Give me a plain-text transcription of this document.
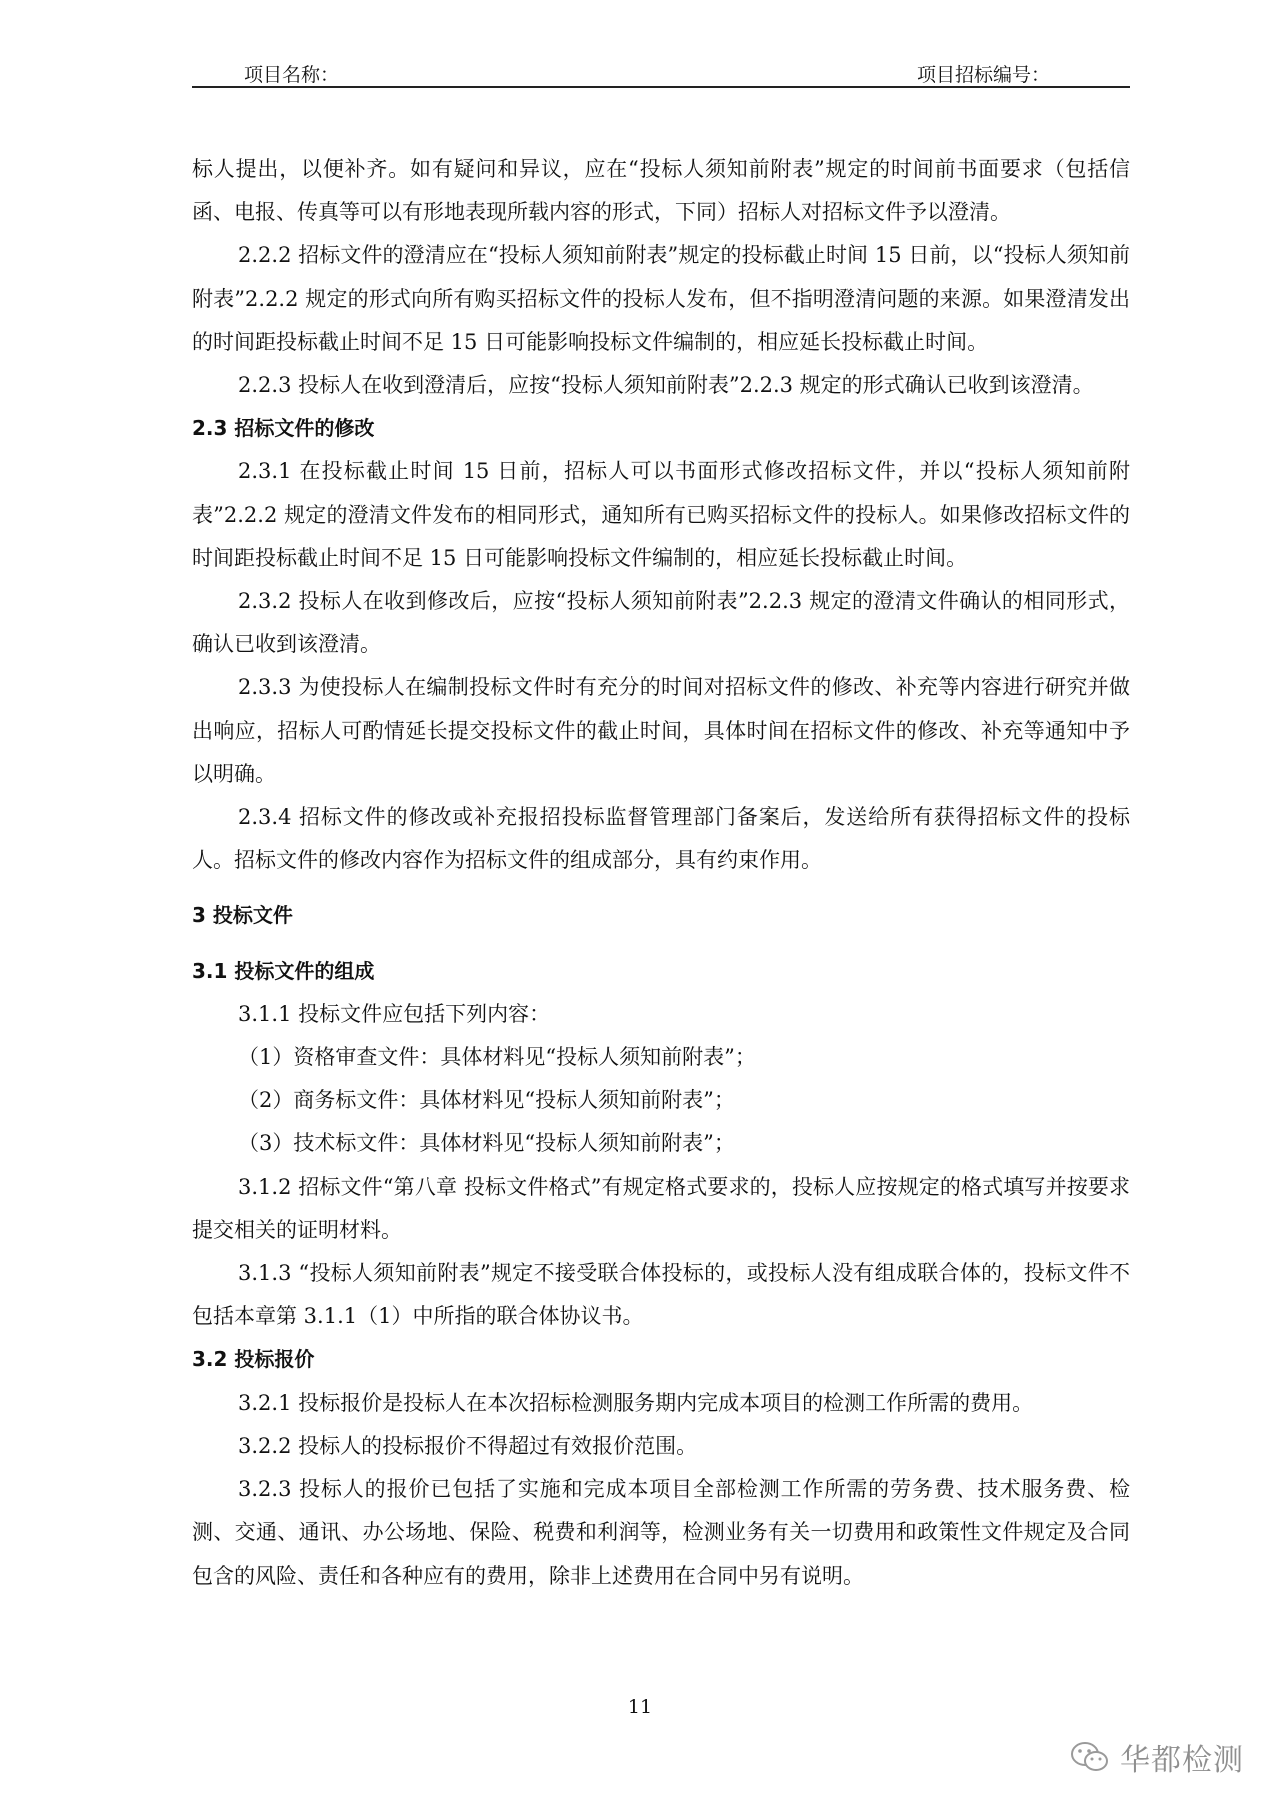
项目名称：	项目招标编号：

标人提出，以便补齐。如有疑问和异议，应在“投标人须知前附表”规定的时间前书面要求（包括信函、电报、传真等可以有形地表现所载内容的形式，下同）招标人对招标文件予以澄清。

2.2.2 招标文件的澄清应在“投标人须知前附表”规定的投标截止时间 15 日前，以“投标人须知前附表”2.2.2 规定的形式向所有购买招标文件的投标人发布，但不指明澄清问题的来源。如果澄清发出的时间距投标截止时间不足 15 日可能影响投标文件编制的，相应延长投标截止时间。

2.2.3 投标人在收到澄清后，应按“投标人须知前附表”2.2.3 规定的形式确认已收到该澄清。

2.3 招标文件的修改

2.3.1 在投标截止时间 15 日前，招标人可以书面形式修改招标文件，并以“投标人须知前附表”2.2.2 规定的澄清文件发布的相同形式，通知所有已购买招标文件的投标人。如果修改招标文件的时间距投标截止时间不足 15 日可能影响投标文件编制的，相应延长投标截止时间。

2.3.2 投标人在收到修改后，应按“投标人须知前附表”2.2.3 规定的澄清文件确认的相同形式，确认已收到该澄清。

2.3.3 为使投标人在编制投标文件时有充分的时间对招标文件的修改、补充等内容进行研究并做出响应，招标人可酌情延长提交投标文件的截止时间，具体时间在招标文件的修改、补充等通知中予以明确。

2.3.4 招标文件的修改或补充报招投标监督管理部门备案后，发送给所有获得招标文件的投标人。招标文件的修改内容作为招标文件的组成部分，具有约束作用。

3 投标文件

3.1 投标文件的组成

3.1.1 投标文件应包括下列内容：

（1）资格审查文件：具体材料见“投标人须知前附表”；

（2）商务标文件：具体材料见“投标人须知前附表”；

（3）技术标文件：具体材料见“投标人须知前附表”；

3.1.2 招标文件“第八章 投标文件格式”有规定格式要求的，投标人应按规定的格式填写并按要求提交相关的证明材料。

3.1.3 “投标人须知前附表”规定不接受联合体投标的，或投标人没有组成联合体的，投标文件不包括本章第 3.1.1（1）中所指的联合体协议书。

3.2 投标报价

3.2.1 投标报价是投标人在本次招标检测服务期内完成本项目的检测工作所需的费用。

3.2.2 投标人的投标报价不得超过有效报价范围。

3.2.3 投标人的报价已包括了实施和完成本项目全部检测工作所需的劳务费、技术服务费、检测、交通、通讯、办公场地、保险、税费和利润等，检测业务有关一切费用和政策性文件规定及合同包含的风险、责任和各种应有的费用，除非上述费用在合同中另有说明。

11
华都检测
